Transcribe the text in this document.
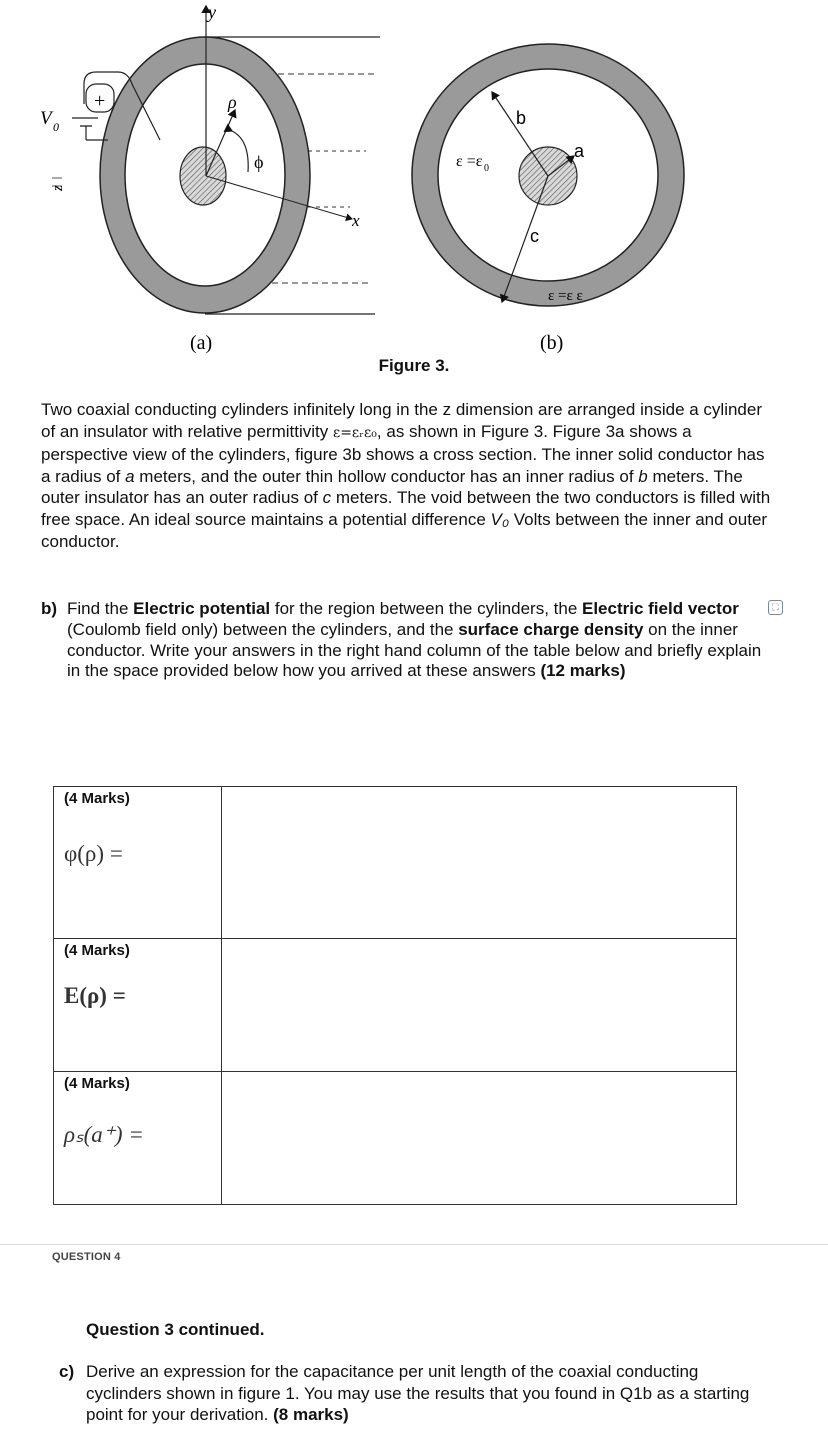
y
x
z
ρ
ϕ
+
V 0
(a)
b
a
c
ε =ε 0
ε =ε ε
(b)
Figure 3.
Two coaxial conducting cylinders infinitely long in the z dimension are arranged inside a cylinder of an insulator with relative permittivity ε=εᵣε₀, as shown in Figure 3. Figure 3a shows a perspective view of the cylinders, figure 3b shows a cross section. The inner solid conductor has a radius of a meters, and the outer thin hollow conductor has an inner radius of b meters. The outer insulator has an outer radius of c meters. The void between the two conductors is filled with free space. An ideal source maintains a potential difference V₀ Volts between the inner and outer conductor.
b) Find the Electric potential for the region between the cylinders, the Electric field vector (Coulomb field only) between the cylinders, and the surface charge density on the inner conductor. Write your answers in the right hand column of the table below and briefly explain in the space provided below how you arrived at these answers (12 marks)
⛶
(4 Marks)
φ(ρ) =	

(4 Marks)
E(ρ) =	

(4 Marks)
ρₛ(a⁺) =	

QUESTION 4
Question 3 continued.
c) Derive an expression for the capacitance per unit length of the coaxial conducting cyclinders shown in figure 1. You may use the results that you found in Q1b as a starting point for your derivation. (8 marks)
